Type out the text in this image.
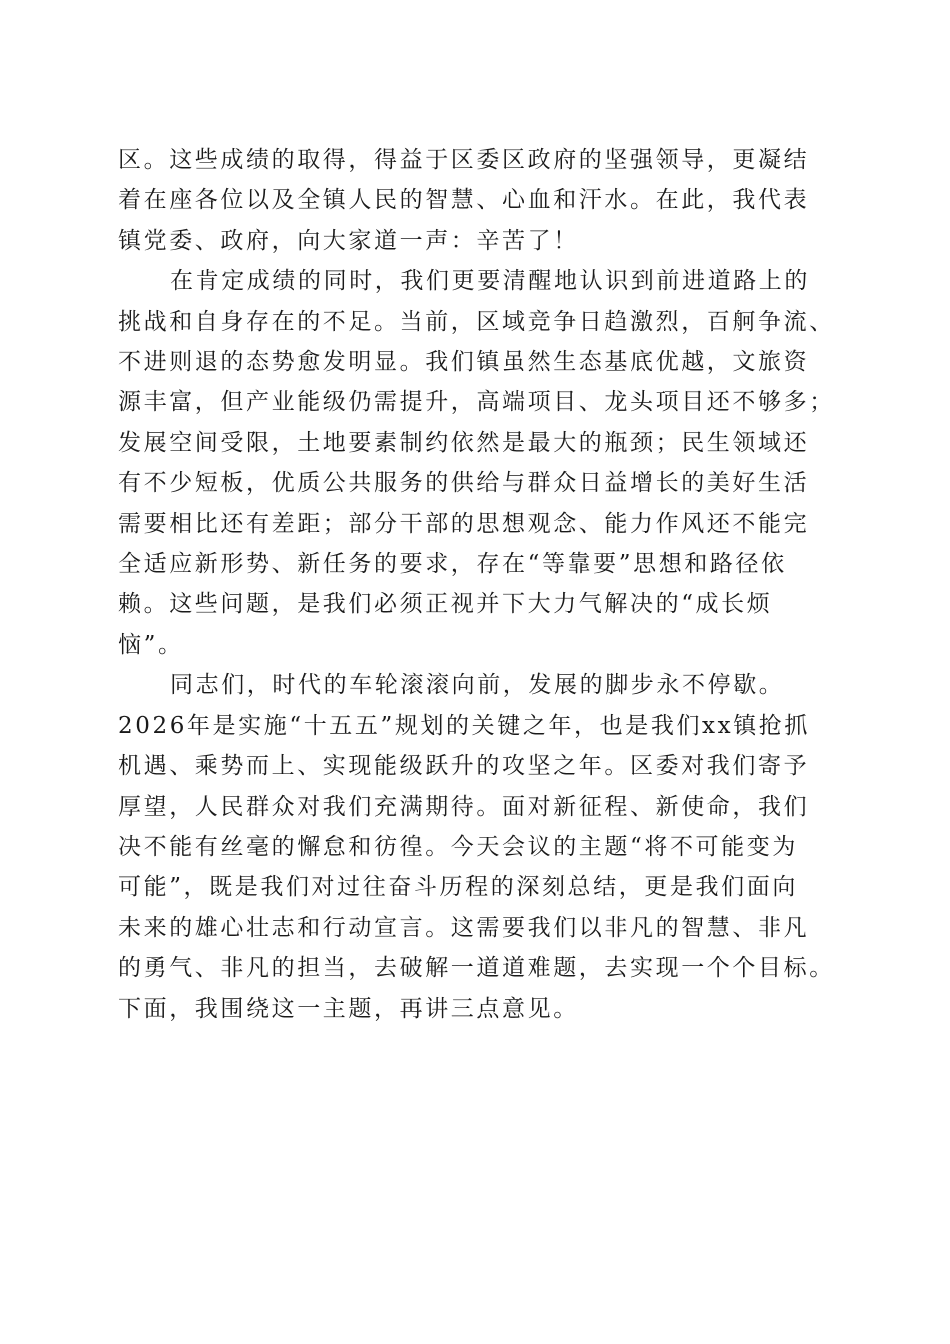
区。这些成绩的取得，得益于区委区政府的坚强领导，更凝结
着在座各位以及全镇人民的智慧、心血和汗水。在此，我代表
镇党委、政府，向大家道一声：辛苦了！
在肯定成绩的同时，我们更要清醒地认识到前进道路上的
挑战和自身存在的不足。当前，区域竞争日趋激烈，百舸争流、
不进则退的态势愈发明显。我们镇虽然生态基底优越，文旅资
源丰富，但产业能级仍需提升，高端项目、龙头项目还不够多；
发展空间受限，土地要素制约依然是最大的瓶颈；民生领域还
有不少短板，优质公共服务的供给与群众日益增长的美好生活
需要相比还有差距；部分干部的思想观念、能力作风还不能完
全适应新形势、新任务的要求，存在“等靠要”思想和路径依
赖。这些问题，是我们必须正视并下大力气解决的“成长烦
恼”。
同志们，时代的车轮滚滚向前，发展的脚步永不停歇。
2026年是实施“十五五”规划的关键之年，也是我们xx镇抢抓
机遇、乘势而上、实现能级跃升的攻坚之年。区委对我们寄予
厚望，人民群众对我们充满期待。面对新征程、新使命，我们
决不能有丝毫的懈怠和彷徨。今天会议的主题“将不可能变为
可能”，既是我们对过往奋斗历程的深刻总结，更是我们面向
未来的雄心壮志和行动宣言。这需要我们以非凡的智慧、非凡
的勇气、非凡的担当，去破解一道道难题，去实现一个个目标。
下面，我围绕这一主题，再讲三点意见。
